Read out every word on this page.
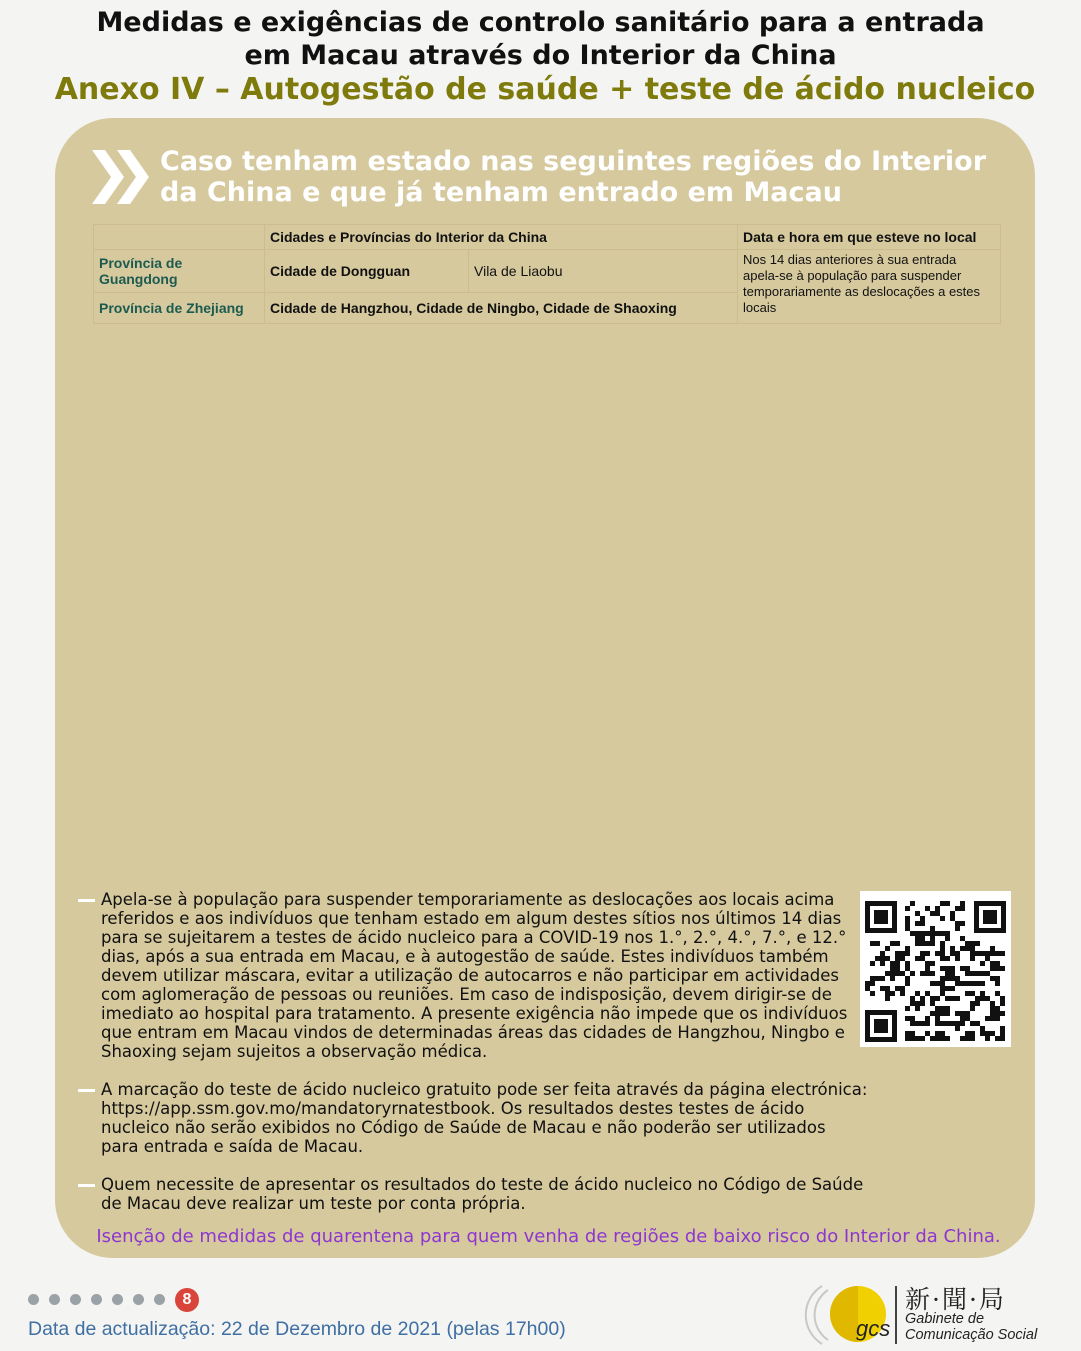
Medidas e exigências de controlo sanitário para a entrada
em Macau através do Interior da China
Anexo IV – Autogestão de saúde + teste de ácido nucleico
Caso tenham estado nas seguintes regiões do Interior
da China e que já tenham entrado em Macau
	Cidades e Províncias do Interior da China		Data e hora em que esteve no local
Província de Guangdong	Cidade de Dongguan	Vila de Liaobu	Nos 14 dias anteriores à sua entrada apela-se à população para suspender temporariamente as deslocações a estes locais
Província de Zhejiang	Cidade de Hangzhou, Cidade de Ningbo, Cidade de Shaoxing		
Apela-se à população para suspender temporariamente as deslocações aos locais acima referidos e aos indivíduos que tenham estado em algum destes sítios nos últimos 14 dias para se sujeitarem a testes de ácido nucleico para a COVID-19 nos 1.°, 2.°, 4.°, 7.°, e 12.° dias, após a sua entrada em Macau, e à autogestão de saúde. Estes indivíduos também devem utilizar máscara, evitar a utilização de autocarros e não participar em actividades com aglomeração de pessoas ou reuniões. Em caso de indisposição, devem dirigir-se de imediato ao hospital para tratamento. A presente exigência não impede que os indivíduos que entram em Macau vindos de determinadas áreas das cidades de Hangzhou, Ningbo e Shaoxing sejam sujeitos a observação médica.
A marcação do teste de ácido nucleico gratuito pode ser feita através da página electrónica: https://app.ssm.gov.mo/mandatoryrnatestbook. Os resultados destes testes de ácido nucleico não serão exibidos no Código de Saúde de Macau e não poderão ser utilizados para entrada e saída de Macau.
Quem necessite de apresentar os resultados do teste de ácido nucleico no Código de Saúde de Macau deve realizar um teste por conta própria.
Isenção de medidas de quarentena para quem venha de regiões de baixo risco do Interior da China.
8
Data de actualização: 22 de Dezembro de 2021 (pelas 17h00)	gcs
新·聞·局
Gabinete de
Comunicação Social
